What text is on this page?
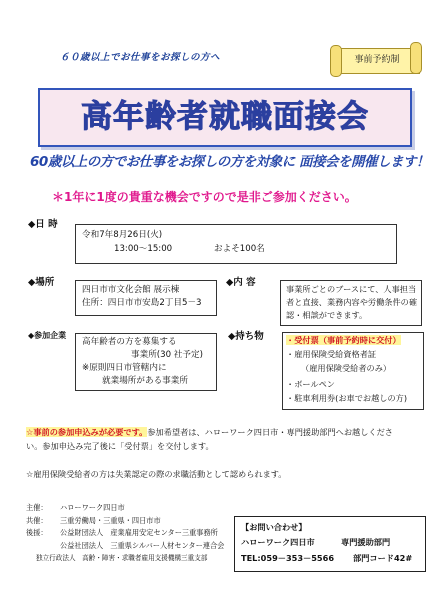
６０歳以上でお仕事をお探しの方へ	事前予約制
高年齢者就職面接会
60歳以上の方でお仕事をお探しの方を対象に 面接会を開催します！
＊1年に1度の貴重な機会ですので是非ご参加ください。
◆日 時
令和7年8月26日(火)
13:00～15:00	およそ100名
◆場所
四日市市文化会館 展示棟
住所：四日市市安島2丁目5－3
◆内 容
事業所ごとのブースにて、人事担当
者と直接、業務内容や労働条件の確
認・相談ができます。
◆参加企業
高年齢者の方を募集する
事業所(30 社予定)
※原則四日市管轄内に
就業場所がある事業所
◆持ち物	・受付票（事前予約時に交付）
・雇用保険受給資格者証
（雇用保険受給者のみ）
・ボールペン
・駐車利用券(お車でお越しの方)
☆事前の参加申込みが必要です。参加希望者は、ハローワーク四日市・専門援助部門へお越しくださ
い。参加申込み完了後に「受付票」を交付します。
☆雇用保険受給者の方は失業認定の際の求職活動として認められます。
主催： ハローワーク四日市
共催： 三重労働局・三重県・四日市市
後援： 公益財団法人　産業雇用安定センター三重事務所
公益社団法人　三重県シルバー人材センター連合会
独立行政法人　高齢・障害・求職者雇用支援機構三重支部
【お問い合わせ】
ハローワーク四日市	専門援助部門
TEL:059－353－5566 部門コード42#
